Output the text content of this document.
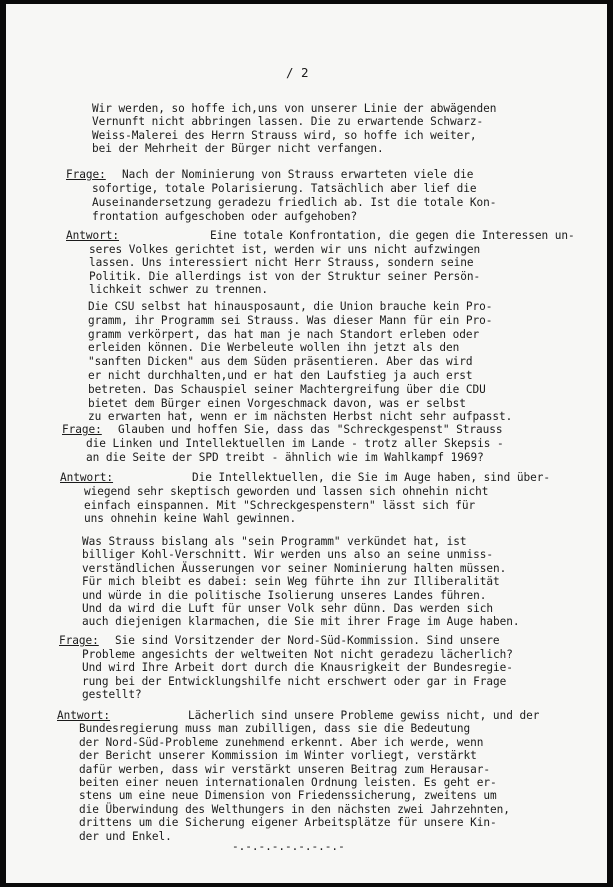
/ 2
Wir werden, so hoffe ich,uns von unserer Linie der abwägenden
Vernunft nicht abbringen lassen. Die zu erwartende Schwarz-
Weiss-Malerei des Herrn Strauss wird, so hoffe ich weiter,
bei der Mehrheit der Bürger nicht verfangen.
Frage: Nach der Nominierung von Strauss erwarteten viele die
sofortige, totale Polarisierung. Tatsächlich aber lief die
Auseinandersetzung geradezu friedlich ab. Ist die totale Kon-
frontation aufgeschoben oder aufgehoben?
Antwort:	Eine totale Konfrontation, die gegen die Interessen un-
seres Volkes gerichtet ist, werden wir uns nicht aufzwingen
lassen. Uns interessiert nicht Herr Strauss, sondern seine
Politik. Die allerdings ist von der Struktur seiner Persön-
lichkeit schwer zu trennen.
Die CSU selbst hat hinausposaunt, die Union brauche kein Pro-
gramm, ihr Programm sei Strauss. Was dieser Mann für ein Pro-
gramm verkörpert, das hat man je nach Standort erleben oder
erleiden können. Die Werbeleute wollen ihn jetzt als den
"sanften Dicken" aus dem Süden präsentieren. Aber das wird
er nicht durchhalten,und er hat den Laufstieg ja auch erst
betreten. Das Schauspiel seiner Machtergreifung über die CDU
bietet dem Bürger einen Vorgeschmack davon, was er selbst
zu erwarten hat, wenn er im nächsten Herbst nicht sehr aufpasst.
Frage: Glauben und hoffen Sie, dass das "Schreckgespenst" Strauss
die Linken und Intellektuellen im Lande - trotz aller Skepsis -
an die Seite der SPD treibt - ähnlich wie im Wahlkampf 1969?
Antwort:	Die Intellektuellen, die Sie im Auge haben, sind über-
wiegend sehr skeptisch geworden und lassen sich ohnehin nicht
einfach einspannen. Mit "Schreckgespenstern" lässt sich für
uns ohnehin keine Wahl gewinnen.
Was Strauss bislang als "sein Programm" verkündet hat, ist
billiger Kohl-Verschnitt. Wir werden uns also an seine unmiss-
verständlichen Äusserungen vor seiner Nominierung halten müssen.
Für mich bleibt es dabei: sein Weg führte ihn zur Illiberalität
und würde in die politische Isolierung unseres Landes führen.
Und da wird die Luft für unser Volk sehr dünn. Das werden sich
auch diejenigen klarmachen, die Sie mit ihrer Frage im Auge haben.
Frage: Sie sind Vorsitzender der Nord-Süd-Kommission. Sind unsere
Probleme angesichts der weltweiten Not nicht geradezu lächerlich?
Und wird Ihre Arbeit dort durch die Knausrigkeit der Bundesregie-
rung bei der Entwicklungshilfe nicht erschwert oder gar in Frage
gestellt?
Antwort:	Lächerlich sind unsere Probleme gewiss nicht, und der
Bundesregierung muss man zubilligen, dass sie die Bedeutung
der Nord-Süd-Probleme zunehmend erkennt. Aber ich werde, wenn
der Bericht unserer Kommission im Winter vorliegt, verstärkt
dafür werben, dass wir verstärkt unseren Beitrag zum Herausar-
beiten einer neuen internationalen Ordnung leisten. Es geht er-
stens um eine neue Dimension von Friedenssicherung, zweitens um
die Überwindung des Welthungers in den nächsten zwei Jahrzehnten,
drittens um die Sicherung eigener Arbeitsplätze für unsere Kin-
der und Enkel.
-.-.-.-.-.-.-.-.-
